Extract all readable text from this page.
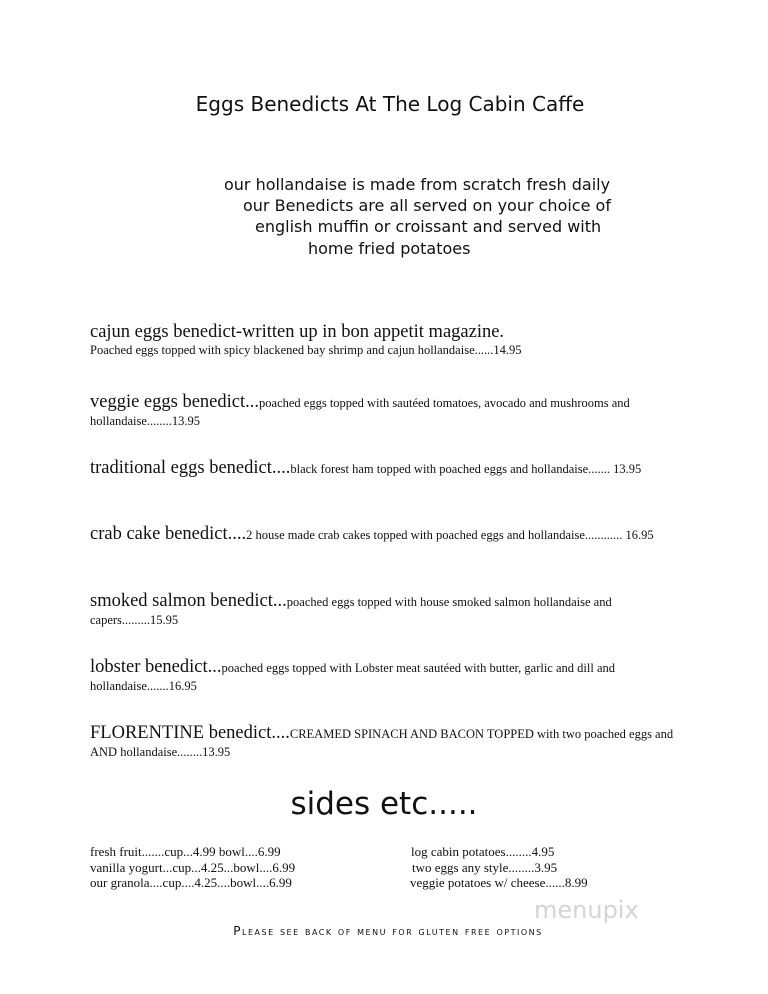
Eggs Benedicts At The Log Cabin Caffe
our hollandaise is made from scratch fresh daily
our Benedicts are all served on your choice of
english muffin or croissant and served with
home fried potatoes
cajun eggs benedict-written up in bon appetit magazine.
Poached eggs topped with spicy blackened bay shrimp and cajun hollandaise......14.95
veggie eggs benedict...poached eggs topped with sautéed tomatoes, avocado and mushrooms and hollandaise........13.95
traditional eggs benedict....black forest ham topped with poached eggs and hollandaise....... 13.95
crab cake benedict....2 house made crab cakes topped with poached eggs and hollandaise............ 16.95
smoked salmon benedict...poached eggs topped with house smoked salmon hollandaise and capers.........15.95
lobster benedict...poached eggs topped with Lobster meat sautéed with butter, garlic and dill and hollandaise.......16.95
FLORENTINE benedict....CREAMED SPINACH AND BACON TOPPED with two poached eggs and AND hollandaise........13.95
sides etc.....
fresh fruit.......cup...4.99 bowl....6.99
vanilla yogurt...cup...4.25...bowl....6.99
our granola....cup....4.25....bowl....6.99
log cabin potatoes........4.95
two eggs any style........3.95
veggie potatoes w/ cheese......8.99
menupix
Please see back of menu for gluten free options
